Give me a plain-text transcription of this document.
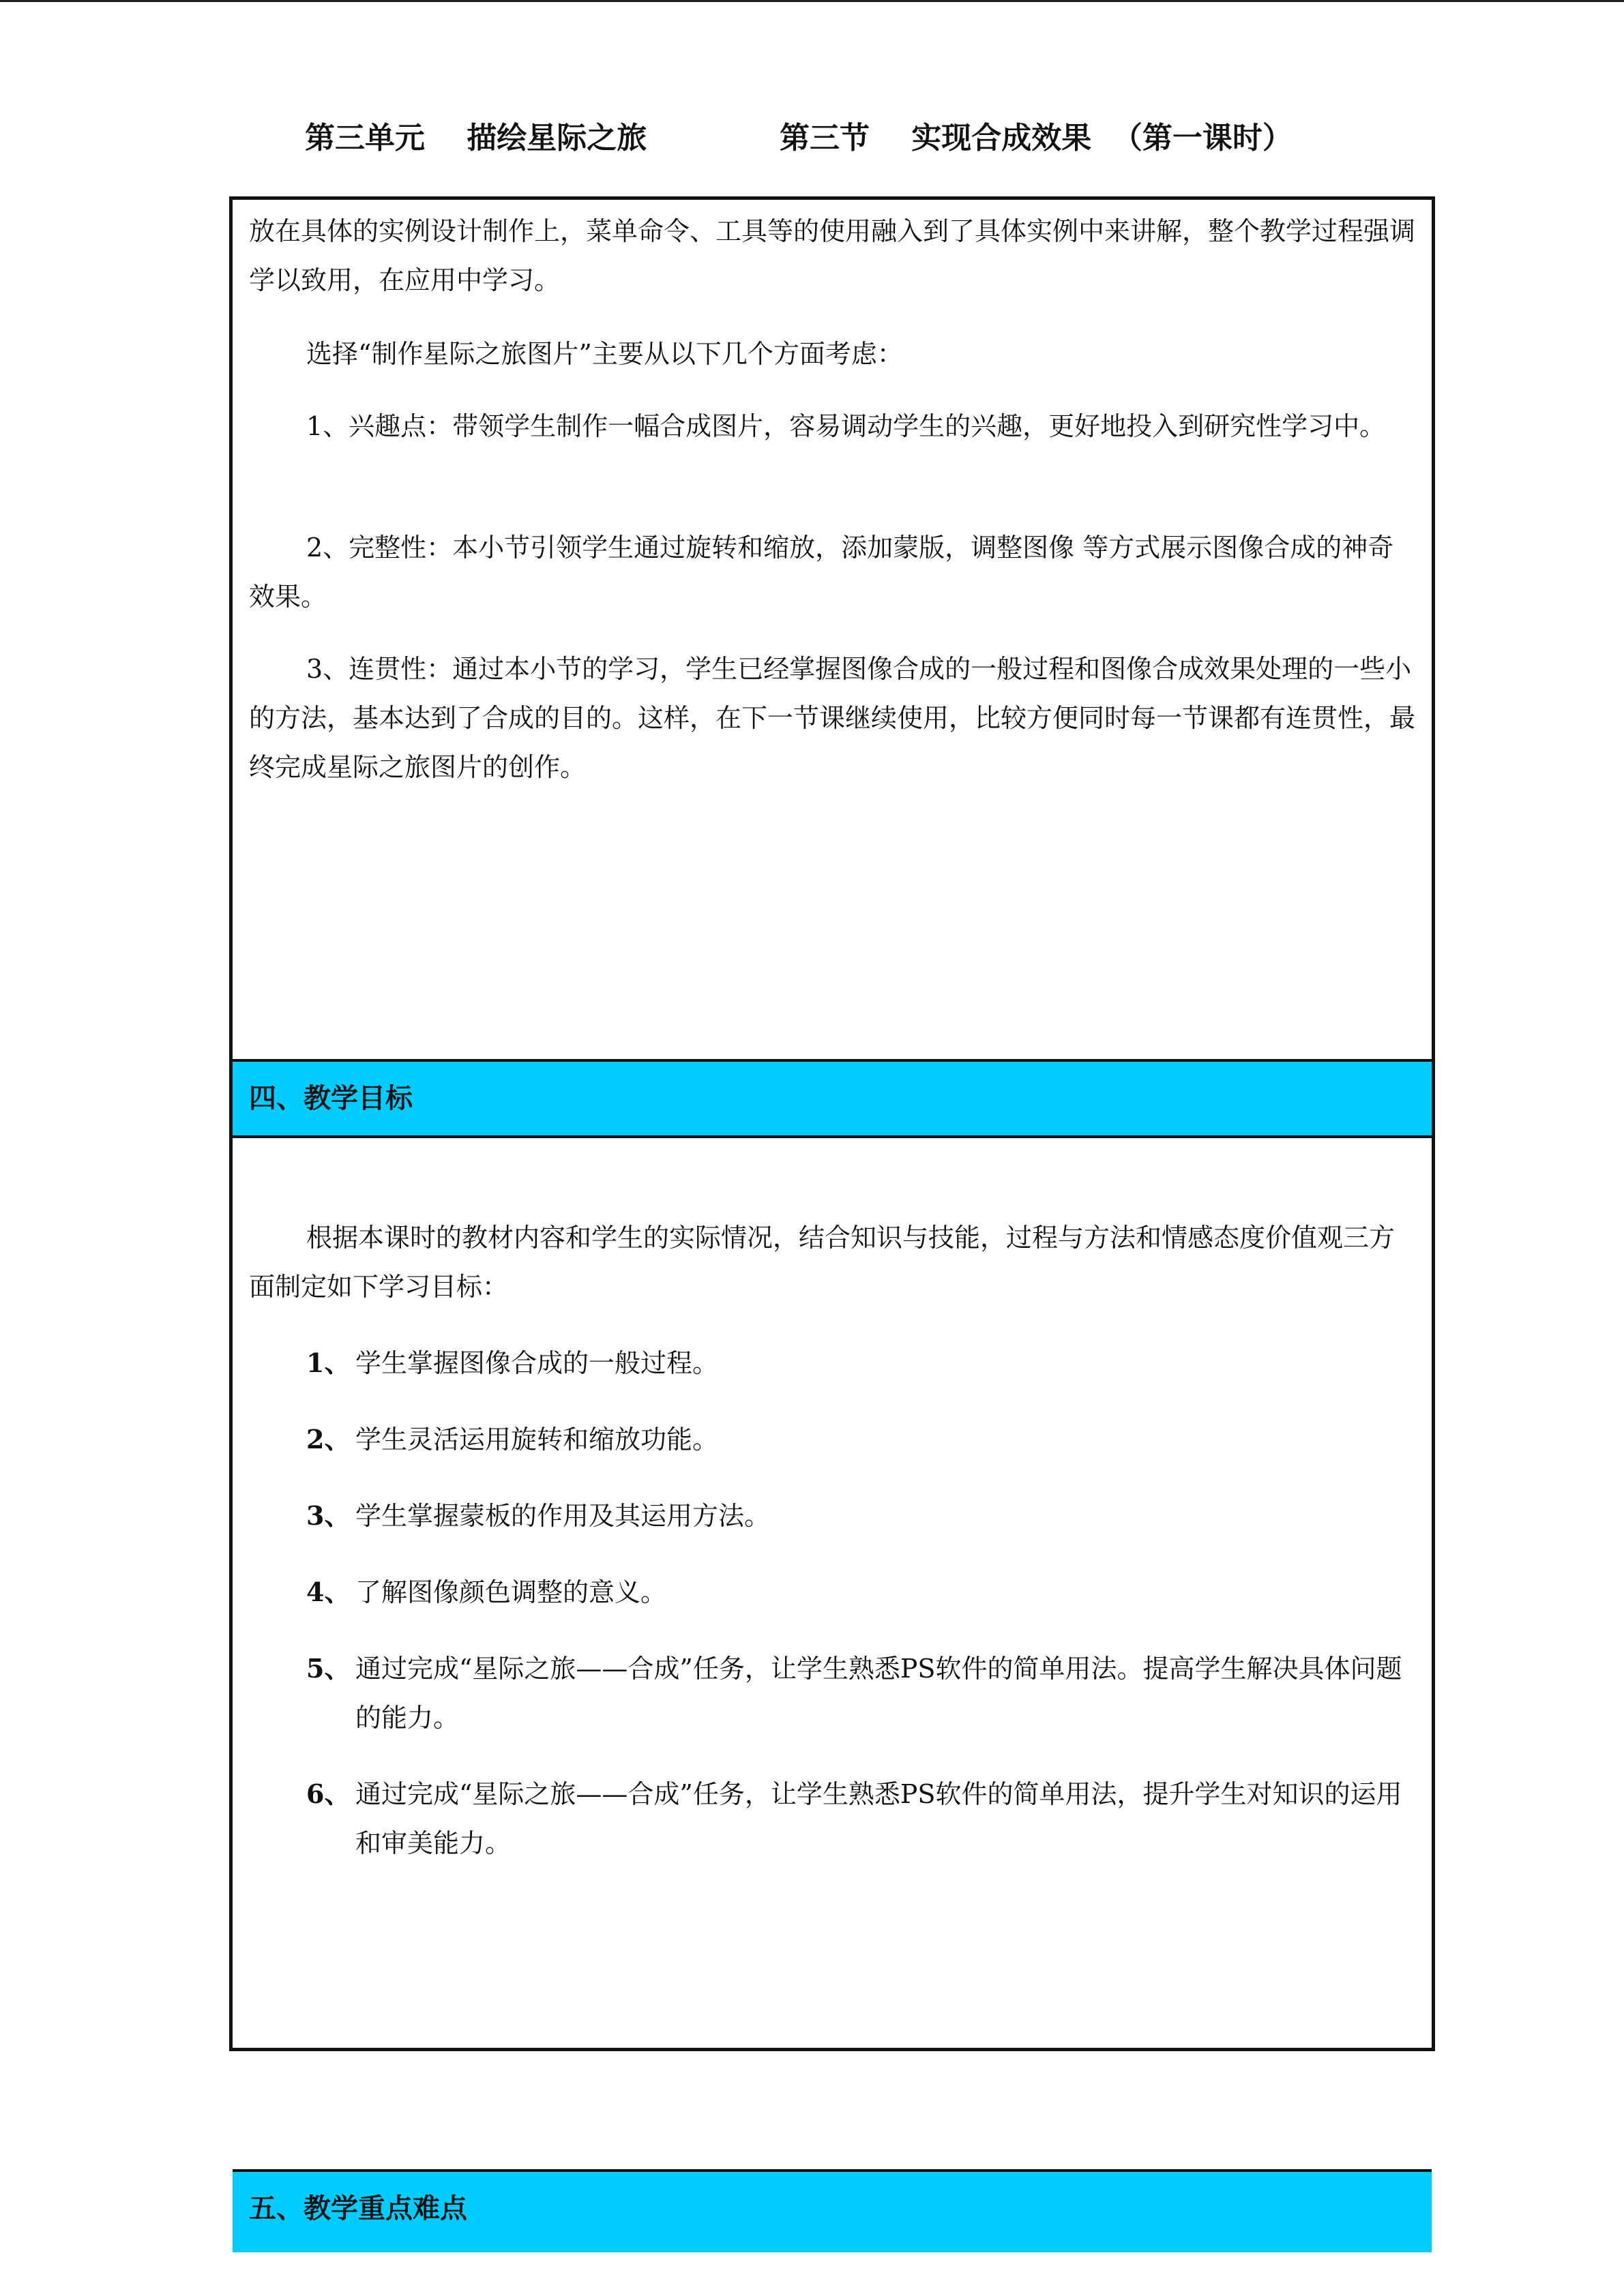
第三单元    描绘星际之旅	第三节    实现合成效果  （第一课时）

放在具体的实例设计制作上，菜单命令、工具等的使用融入到了具体实例中来讲解，整个教学过程强调学以致用，在应用中学习。

选择“制作星际之旅图片”主要从以下几个方面考虑：

1、兴趣点：带领学生制作一幅合成图片，容易调动学生的兴趣，更好地投入到研究性学习中。

2、完整性：本小节引领学生通过旋转和缩放，添加蒙版，调整图像 等方式展示图像合成的神奇效果。

3、连贯性：通过本小节的学习，学生已经掌握图像合成的一般过程和图像合成效果处理的一些小的方法，基本达到了合成的目的。这样，在下一节课继续使用，比较方便同时每一节课都有连贯性，最终完成星际之旅图片的创作。

四、教学目标

根据本课时的教材内容和学生的实际情况，结合知识与技能，过程与方法和情感态度价值观三方面制定如下学习目标：

1、 学生掌握图像合成的一般过程。
2、 学生灵活运用旋转和缩放功能。
3、 学生掌握蒙板的作用及其运用方法。
4、 了解图像颜色调整的意义。
5、 通过完成“星际之旅——合成”任务，让学生熟悉PS软件的简单用法。提高学生解决具体问题的能力。
6、 通过完成“星际之旅——合成”任务，让学生熟悉PS软件的简单用法，提升学生对知识的运用和审美能力。
五、教学重点难点
